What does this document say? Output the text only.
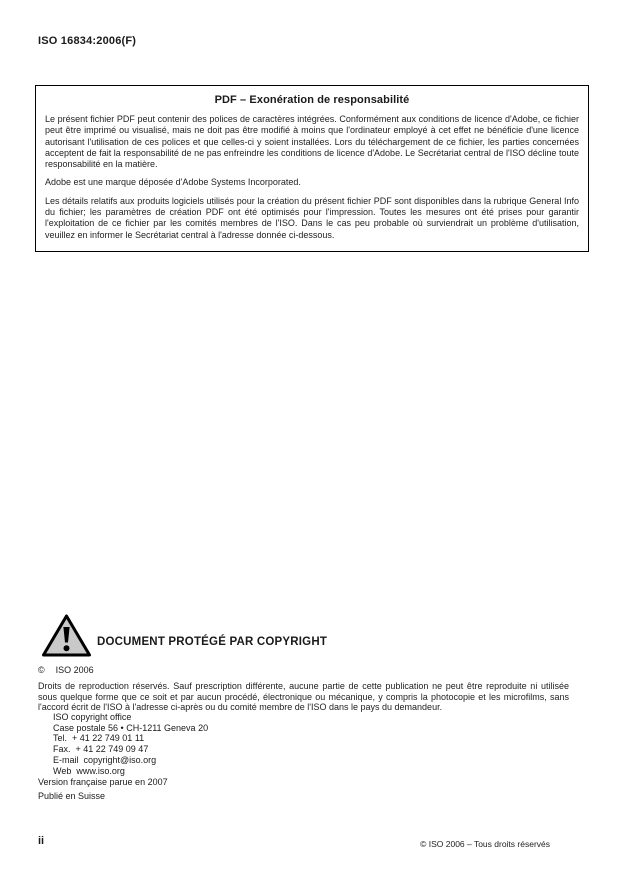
ISO 16834:2006(F)
PDF – Exonération de responsabilité

Le présent fichier PDF peut contenir des polices de caractères intégrées. Conformément aux conditions de licence d'Adobe, ce fichier peut être imprimé ou visualisé, mais ne doit pas être modifié à moins que l'ordinateur employé à cet effet ne bénéficie d'une licence autorisant l'utilisation de ces polices et que celles-ci y soient installées. Lors du téléchargement de ce fichier, les parties concernées acceptent de fait la responsabilité de ne pas enfreindre les conditions de licence d'Adobe. Le Secrétariat central de l'ISO décline toute responsabilité en la matière.

Adobe est une marque déposée d'Adobe Systems Incorporated.

Les détails relatifs aux produits logiciels utilisés pour la création du présent fichier PDF sont disponibles dans la rubrique General Info du fichier; les paramètres de création PDF ont été optimisés pour l'impression. Toutes les mesures ont été prises pour garantir l'exploitation de ce fichier par les comités membres de l'ISO. Dans le cas peu probable où surviendrait un problème d'utilisation, veuillez en informer le Secrétariat central à l'adresse donnée ci-dessous.

DOCUMENT PROTÉGÉ PAR COPYRIGHT
© ISO 2006

Droits de reproduction réservés. Sauf prescription différente, aucune partie de cette publication ne peut être reproduite ni utilisée sous quelque forme que ce soit et par aucun procédé, électronique ou mécanique, y compris la photocopie et les microfilms, sans l'accord écrit de l'ISO à l'adresse ci-après ou du comité membre de l'ISO dans le pays du demandeur.

ISO copyright office
Case postale 56 • CH-1211 Geneva 20
Tel.  + 41 22 749 01 11
Fax.  + 41 22 749 09 47
E-mail  copyright@iso.org
Web  www.iso.org
Version française parue en 2007
Publié en Suisse
ii	© ISO 2006 – Tous droits réservés
